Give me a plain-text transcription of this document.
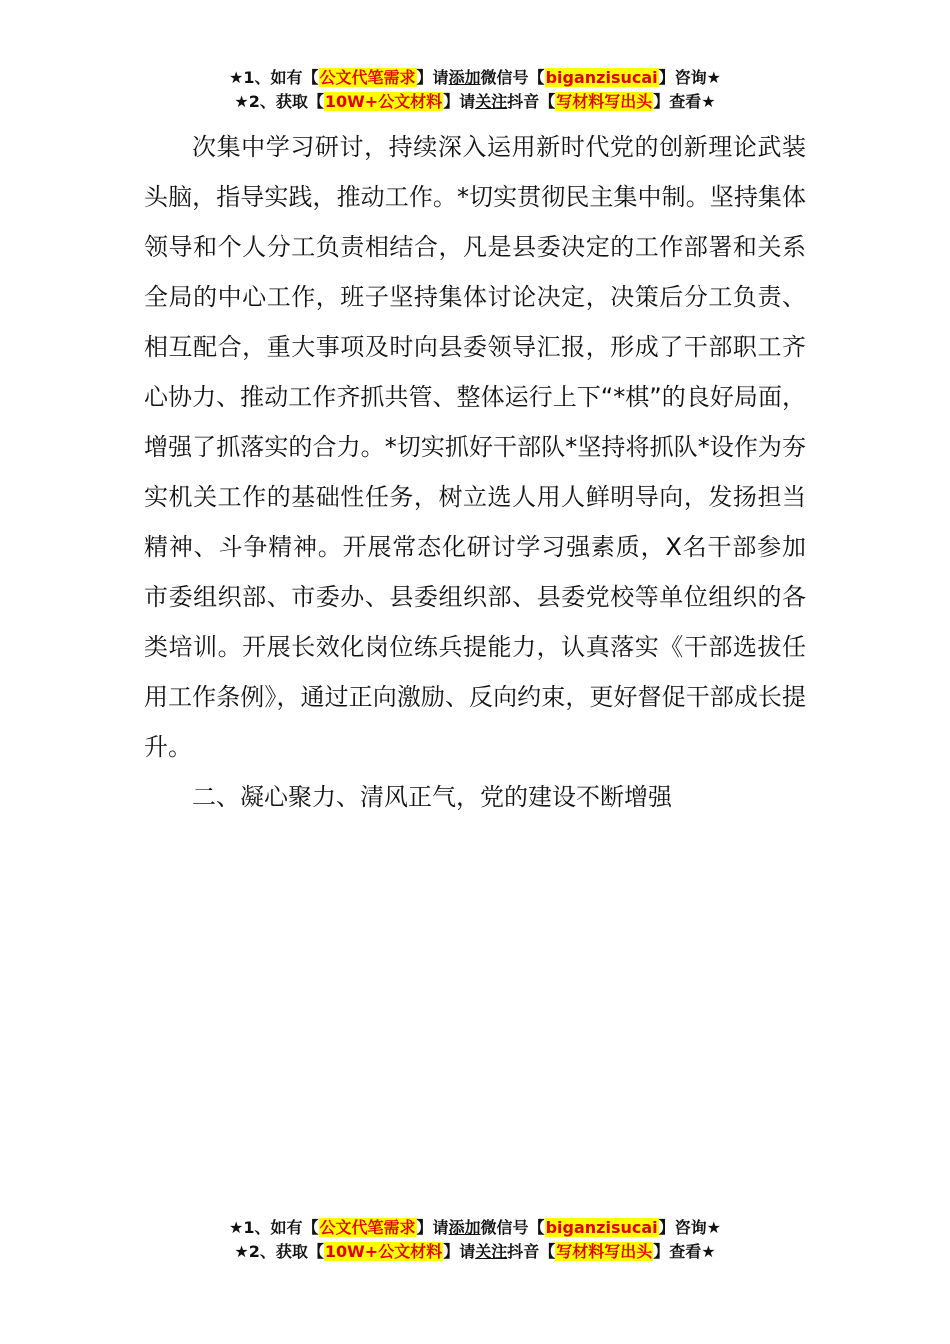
★1、如有【公文代笔需求】请添加微信号【biganzisucai】咨询★
★2、获取【10W+公文材料】请关注抖音【写材料写出头】查看★

次集中学习研讨，持续深入运用新时代党的创新理论武装头脑，指导实践，推动工作。*切实贯彻民主集中制。坚持集体领导和个人分工负责相结合，凡是县委决定的工作部署和关系全局的中心工作，班子坚持集体讨论决定，决策后分工负责、相互配合，重大事项及时向县委领导汇报，形成了干部职工齐心协力、推动工作齐抓共管、整体运行上下“*棋”的良好局面，增强了抓落实的合力。*切实抓好干部队*坚持将抓队*设作为夯实机关工作的基础性任务，树立选人用人鲜明导向，发扬担当精神、斗争精神。开展常态化研讨学习强素质，X名干部参加市委组织部、市委办、县委组织部、县委党校等单位组织的各类培训。开展长效化岗位练兵提能力，认真落实《干部选拔任用工作条例》，通过正向激励、反向约束，更好督促干部成长提升。

二、凝心聚力、清风正气，党的建设不断增强

★1、如有【公文代笔需求】请添加微信号【biganzisucai】咨询★
★2、获取【10W+公文材料】请关注抖音【写材料写出头】查看★
